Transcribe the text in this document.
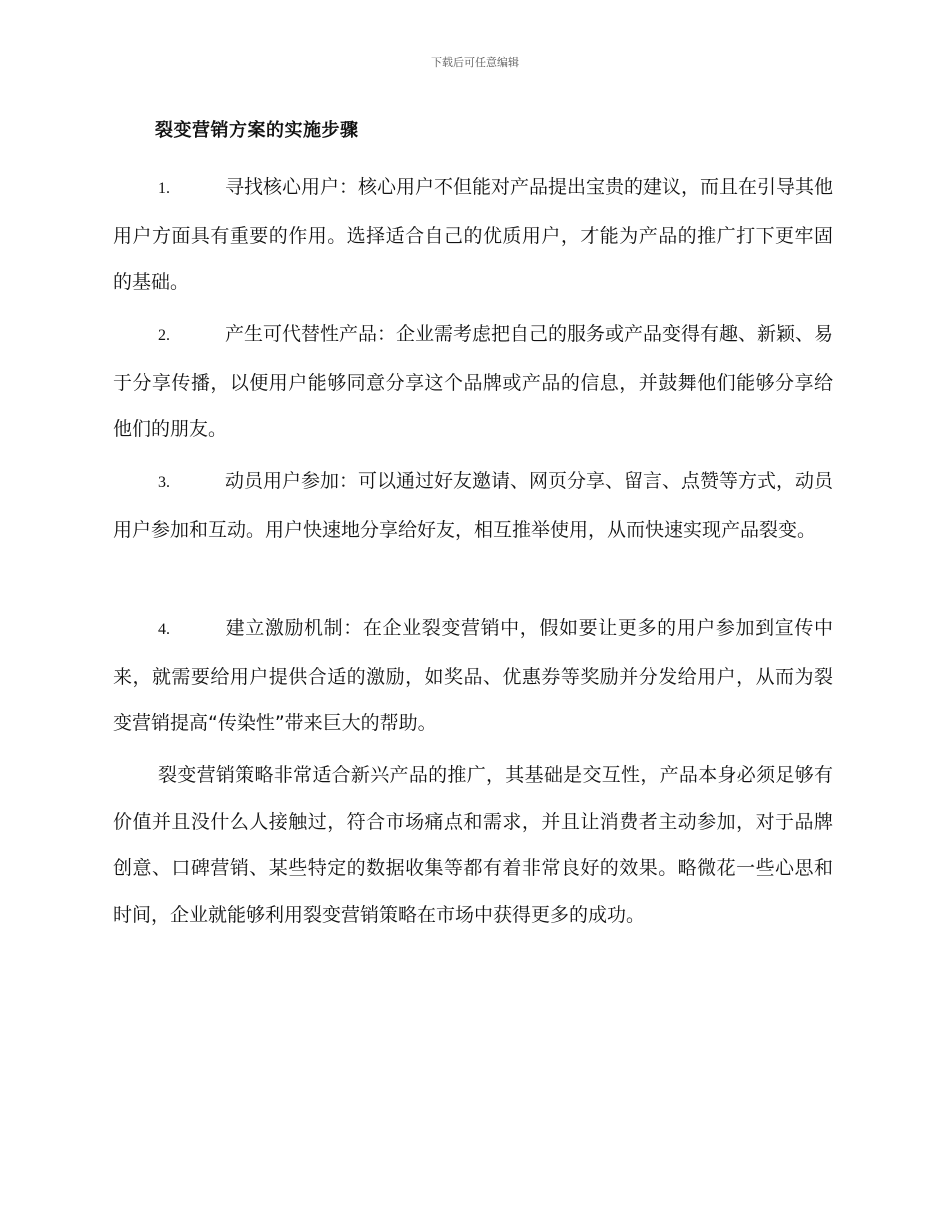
下载后可任意编辑
裂变营销方案的实施步骤

1.	寻找核心用户：核心用户不但能对产品提出宝贵的建议，而且在引导其他用户方面具有重要的作用。选择适合自己的优质用户，才能为产品的推广打下更牢固的基础。

2.	产生可代替性产品：企业需考虑把自己的服务或产品变得有趣、新颖、易于分享传播，以便用户能够同意分享这个品牌或产品的信息，并鼓舞他们能够分享给他们的朋友。

3.	动员用户参加：可以通过好友邀请、网页分享、留言、点赞等方式，动员用户参加和互动。用户快速地分享给好友，相互推举使用，从而快速实现产品裂变。

4.	建立激励机制：在企业裂变营销中，假如要让更多的用户参加到宣传中来，就需要给用户提供合适的激励，如奖品、优惠券等奖励并分发给用户，从而为裂变营销提高“传染性”带来巨大的帮助。

裂变营销策略非常适合新兴产品的推广，其基础是交互性，产品本身必须足够有价值并且没什么人接触过，符合市场痛点和需求，并且让消费者主动参加，对于品牌创意、口碑营销、某些特定的数据收集等都有着非常良好的效果。略微花一些心思和时间，企业就能够利用裂变营销策略在市场中获得更多的成功。
